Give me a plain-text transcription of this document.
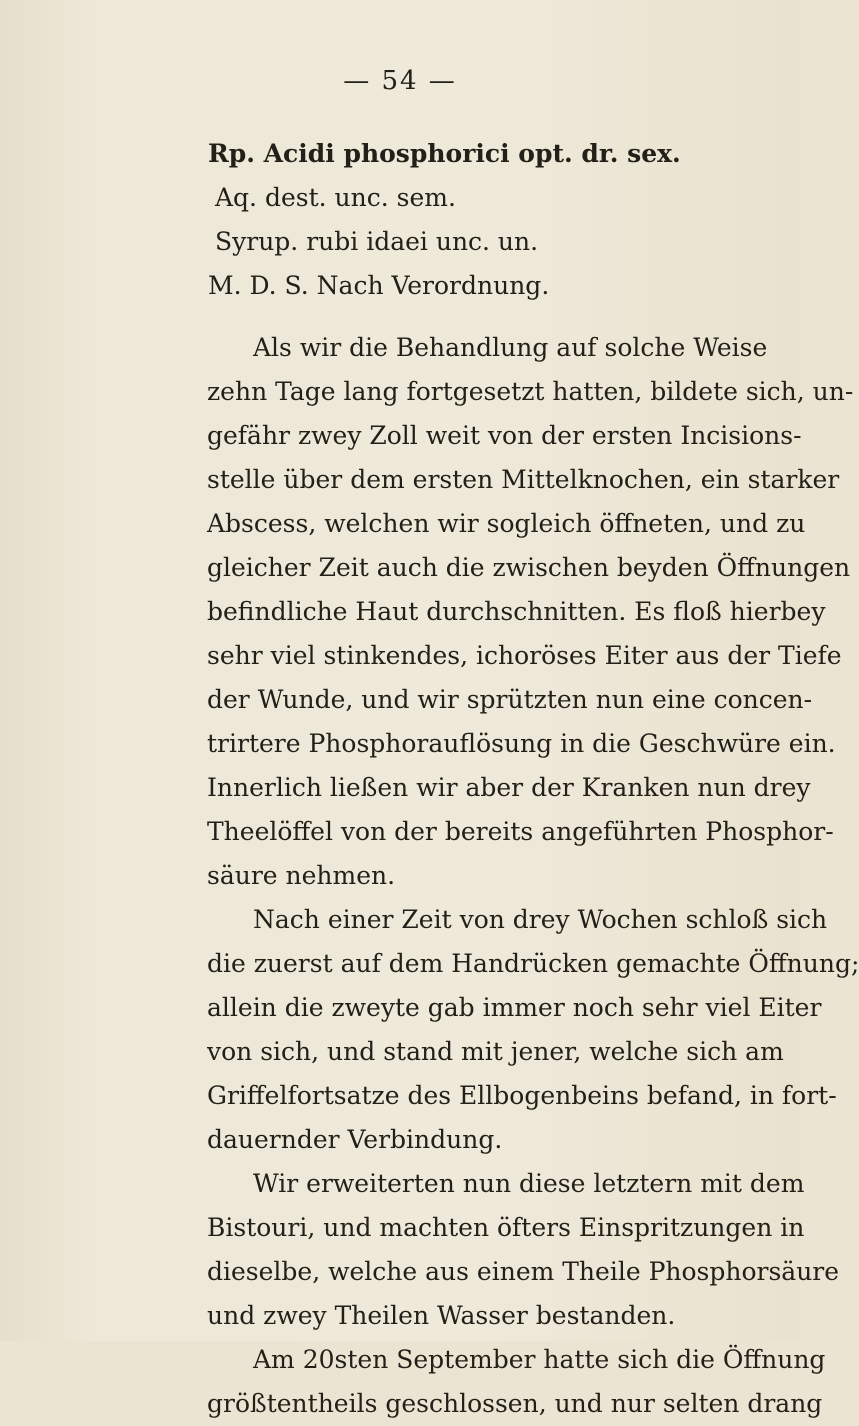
— 54 —
Rp. Acidi phosphorici opt. dr. sex.
Aq. dest. unc. sem.
Syrup. rubi idaei unc. un.
M. D. S. Nach Verordnung.
Als wir die Behandlung auf solche Weise
zehn Tage lang fortgesetzt hatten, bildete sich, un-
gefähr zwey Zoll weit von der ersten Incisions-
stelle über dem ersten Mittelknochen, ein starker
Abscess, welchen wir sogleich öffneten, und zu
gleicher Zeit auch die zwischen beyden Öffnungen
befindliche Haut durchschnitten. Es floß hierbey
sehr viel stinkendes, ichoröses Eiter aus der Tiefe
der Wunde, und wir sprützten nun eine concen-
trirtere Phosphorauflösung in die Geschwüre ein.
Innerlich ließen wir aber der Kranken nun drey
Theelöffel von der bereits angeführten Phosphor-
säure nehmen.
Nach einer Zeit von drey Wochen schloß sich
die zuerst auf dem Handrücken gemachte Öffnung;
allein die zweyte gab immer noch sehr viel Eiter
von sich, und stand mit jener, welche sich am
Griffelfortsatze des Ellbogenbeins befand, in fort-
dauernder Verbindung.
Wir erweiterten nun diese letztern mit dem
Bistouri, und machten öfters Einspritzungen in
dieselbe, welche aus einem Theile Phosphorsäure
und zwey Theilen Wasser bestanden.
Am 20sten September hatte sich die Öffnung
größtentheils geschlossen, und nur selten drang
